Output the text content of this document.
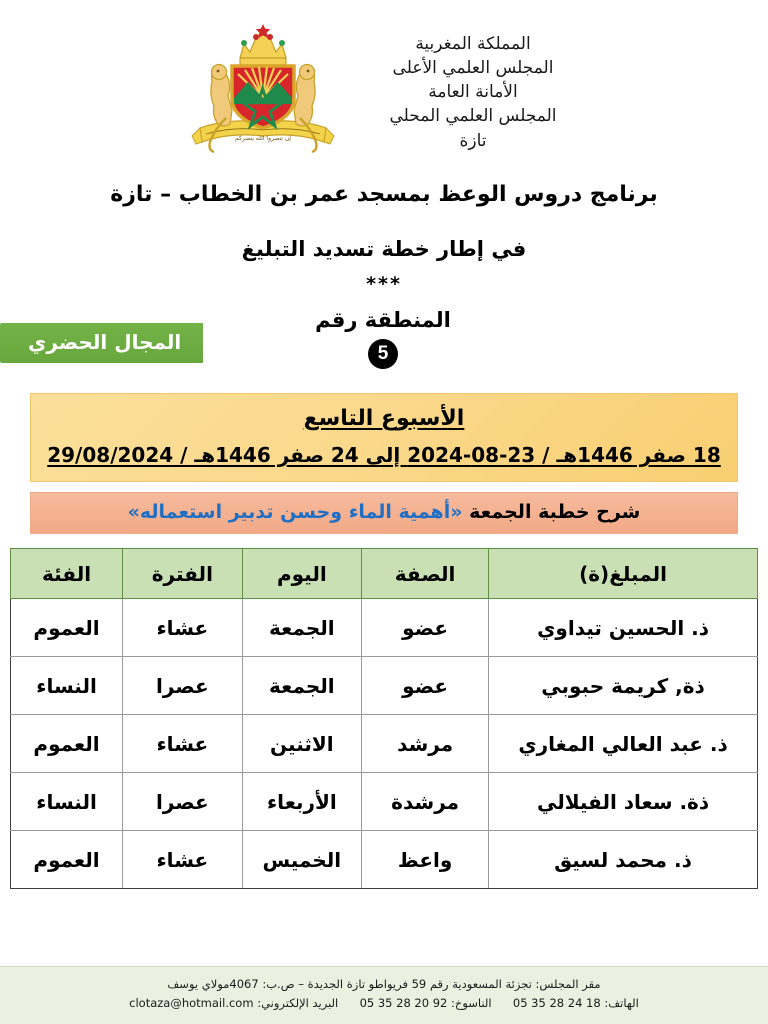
إن تنصروا الله ينصركم
المملكة المغربية
المجلس العلمي الأعلى
الأمانة العامة
المجلس العلمي المحلي
تازة
برنامج دروس الوعظ بمسجد عمر بن الخطاب – تازة
في إطار خطة تسديد التبليغ
***
المنطقة رقم
5
المجال الحضري
الأسبوع التاسع
18 صفر 1446هـ / 23-08-2024 إلى 24 صفر 1446هـ / 29/08/2024
شرح خطبة الجمعة «أهمية الماء وحسن تدبير استعماله»
المبلغ(ة)	الصفة	اليوم	الفترة	الفئة
ذ. الحسين تيداوي	عضو	الجمعة	عشاء	العموم
ذة, كريمة حبوبي	عضو	الجمعة	عصرا	النساء
ذ. عبد العالي المغاري	مرشد	الاثنين	عشاء	العموم
ذة. سعاد الفيلالي	مرشدة	الأربعاء	عصرا	النساء
ذ. محمد لسيق	واعظ	الخميس	عشاء	العموم
مقر المجلس: تجزئة المسعودية رقم 59 فريواطو تازة الجديدة – ص.ب: 4067مولاي يوسف
الهاتف: 05 35 28 24 18  الناسوخ: 05 35 28 20 92  البريد الإلكتروني: clotaza@hotmail.com
